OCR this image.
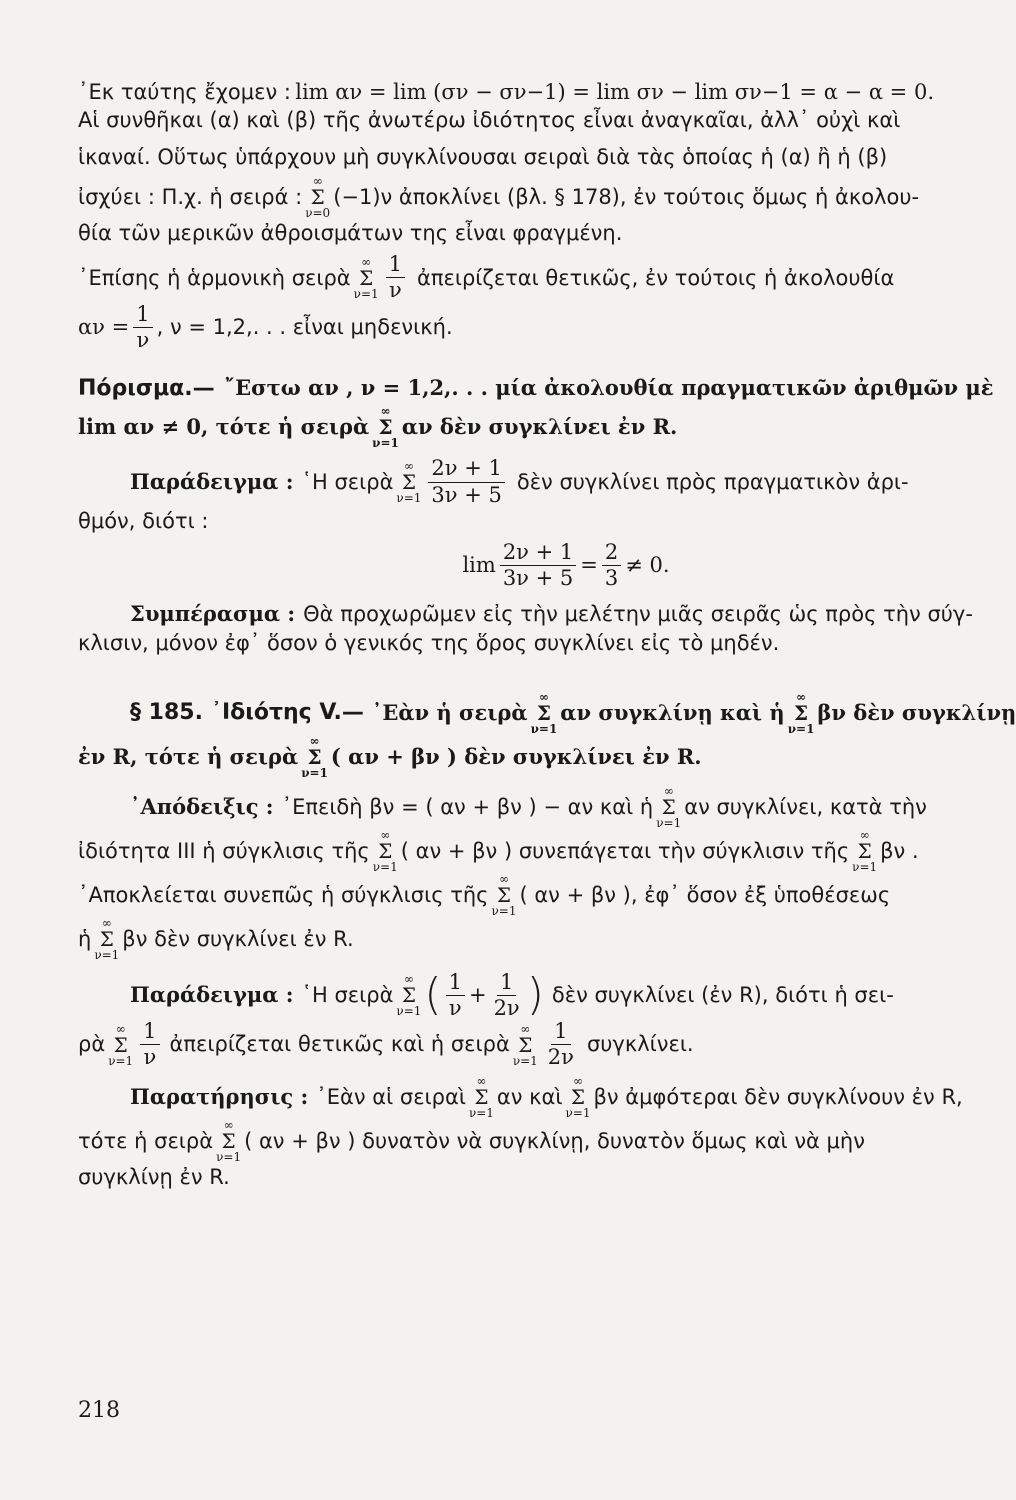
᾽Εκ ταύτης ἔχομεν : lim αν = lim (σν − σν−1) = lim σν − lim σν−1 = α − α = 0.
Αἱ συνθῆκαι (α) καὶ (β) τῆς ἀνωτέρω ἰδιότητος εἶναι ἀναγκαῖαι, ἀλλ᾽ οὐχὶ καὶ
ἱκαναί. Οὕτως ὑπάρχουν μὴ συγκλίνουσαι σειραὶ διὰ τὰς ὁποίας ἡ (α) ἢ ἡ (β)
ἰσχύει : Π.χ. ἡ σειρά :
∞
Σ
ν=0
(−1)ν ἀποκλίνει (βλ. § 178), ἐν τούτοις ὅμως ἡ ἀκολου-
θία τῶν μερικῶν ἀθροισμάτων της εἶναι φραγμένη.
᾽Επίσης ἡ ἁρμονικὴ σειρὰ
∞
Σ
$\nu=1 \frac{1}{\nu}$ ἀπειρίζεται θετικῶς, ἐν τούτοις ἡ ἀκολουθία
$\alpha\nu = \frac{1}{\nu}$ , ν = 1,2,. . . εἶναι μηδενική.
Πόρισμα.— ῎Εστω αν , ν = 1,2,. . . μία ἀκολουθία πραγματικῶν ἀριθμῶν μὲ
lim αν ≠ 0, τότε ἡ σειρὰ
∞
Σ
ν=1
αν δὲν συγκλίνει ἐν R.
Παράδειγμα : ῾Η σειρὰ
∞
Σ
$\nu=1 \frac{2\nu + 1}{3\nu + 5}$ δὲν συγκλίνει πρὸς πραγματικὸν ἀρι-
θμόν, διότι :
$\lim \frac{2\nu + 1}{3\nu + 5} = \frac{2}{3} \ne 0$.
Συμπέρασμα : Θὰ προχωρῶμεν εἰς τὴν μελέτην μιᾶς σειρᾶς ὡς πρὸς τὴν σύγ-
κλισιν, μόνον ἐφ᾽ ὅσον ὁ γενικός της ὅρος συγκλίνει εἰς τὸ μηδέν.
§ 185. ᾽Ιδιότης V.— ᾽Εὰν ἡ σειρὰ
∞
Σ
ν=1
αν συγκλίνῃ καὶ ἡ
∞
Σ
ν=1
βν δὲν συγκλίνῃ
ἐν R, τότε ἡ σειρὰ
∞
Σ
ν=1
( αν + βν ) δὲν συγκλίνει ἐν R.
᾽Απόδειξις : ᾽Επειδὴ βν = ( αν + βν ) − αν καὶ ἡ
∞
Σ
ν=1
αν συγκλίνει, κατὰ τὴν
ἰδιότητα III ἡ σύγκλισις τῆς
∞
Σ
ν=1
( αν + βν ) συνεπάγεται τὴν σύγκλισιν τῆς
∞
Σ
ν=1
βν .
᾽Αποκλείεται συνεπῶς ἡ σύγκλισις τῆς
∞
Σ
ν=1
( αν + βν ), ἐφ᾽ ὅσον ἐξ ὑποθέσεως
ἡ
∞
Σ
ν=1
βν δὲν συγκλίνει ἐν R.
Παράδειγμα : ῾Η σειρὰ
∞
Σ
ν=1 ( $\frac{1}{\nu} + \frac{1}{2\nu}$ ) δὲν συγκλίνει (ἐν R), διότι ἡ σει-
ρὰ
∞
Σ
$\nu=1 \frac{1}{\nu}$ ἀπειρίζεται θετικῶς καὶ ἡ σειρὰ
∞
Σ
$\nu=1 \frac{1}{2\nu} \sigma\upsilon\gamma\kappa\lambda ί\nu\varepsilon\iota$.
Παρατήρησις : ᾽Εὰν αἱ σειραὶ
∞
Σ
ν=1
αν καὶ
∞
Σ
ν=1
βν ἀμφότεραι δὲν συγκλίνουν ἐν R,
τότε ἡ σειρὰ
∞
Σ
ν=1
( αν + βν ) δυνατὸν νὰ συγκλίνῃ, δυνατὸν ὅμως καὶ νὰ μὴν
συγκλίνῃ ἐν R.
218
